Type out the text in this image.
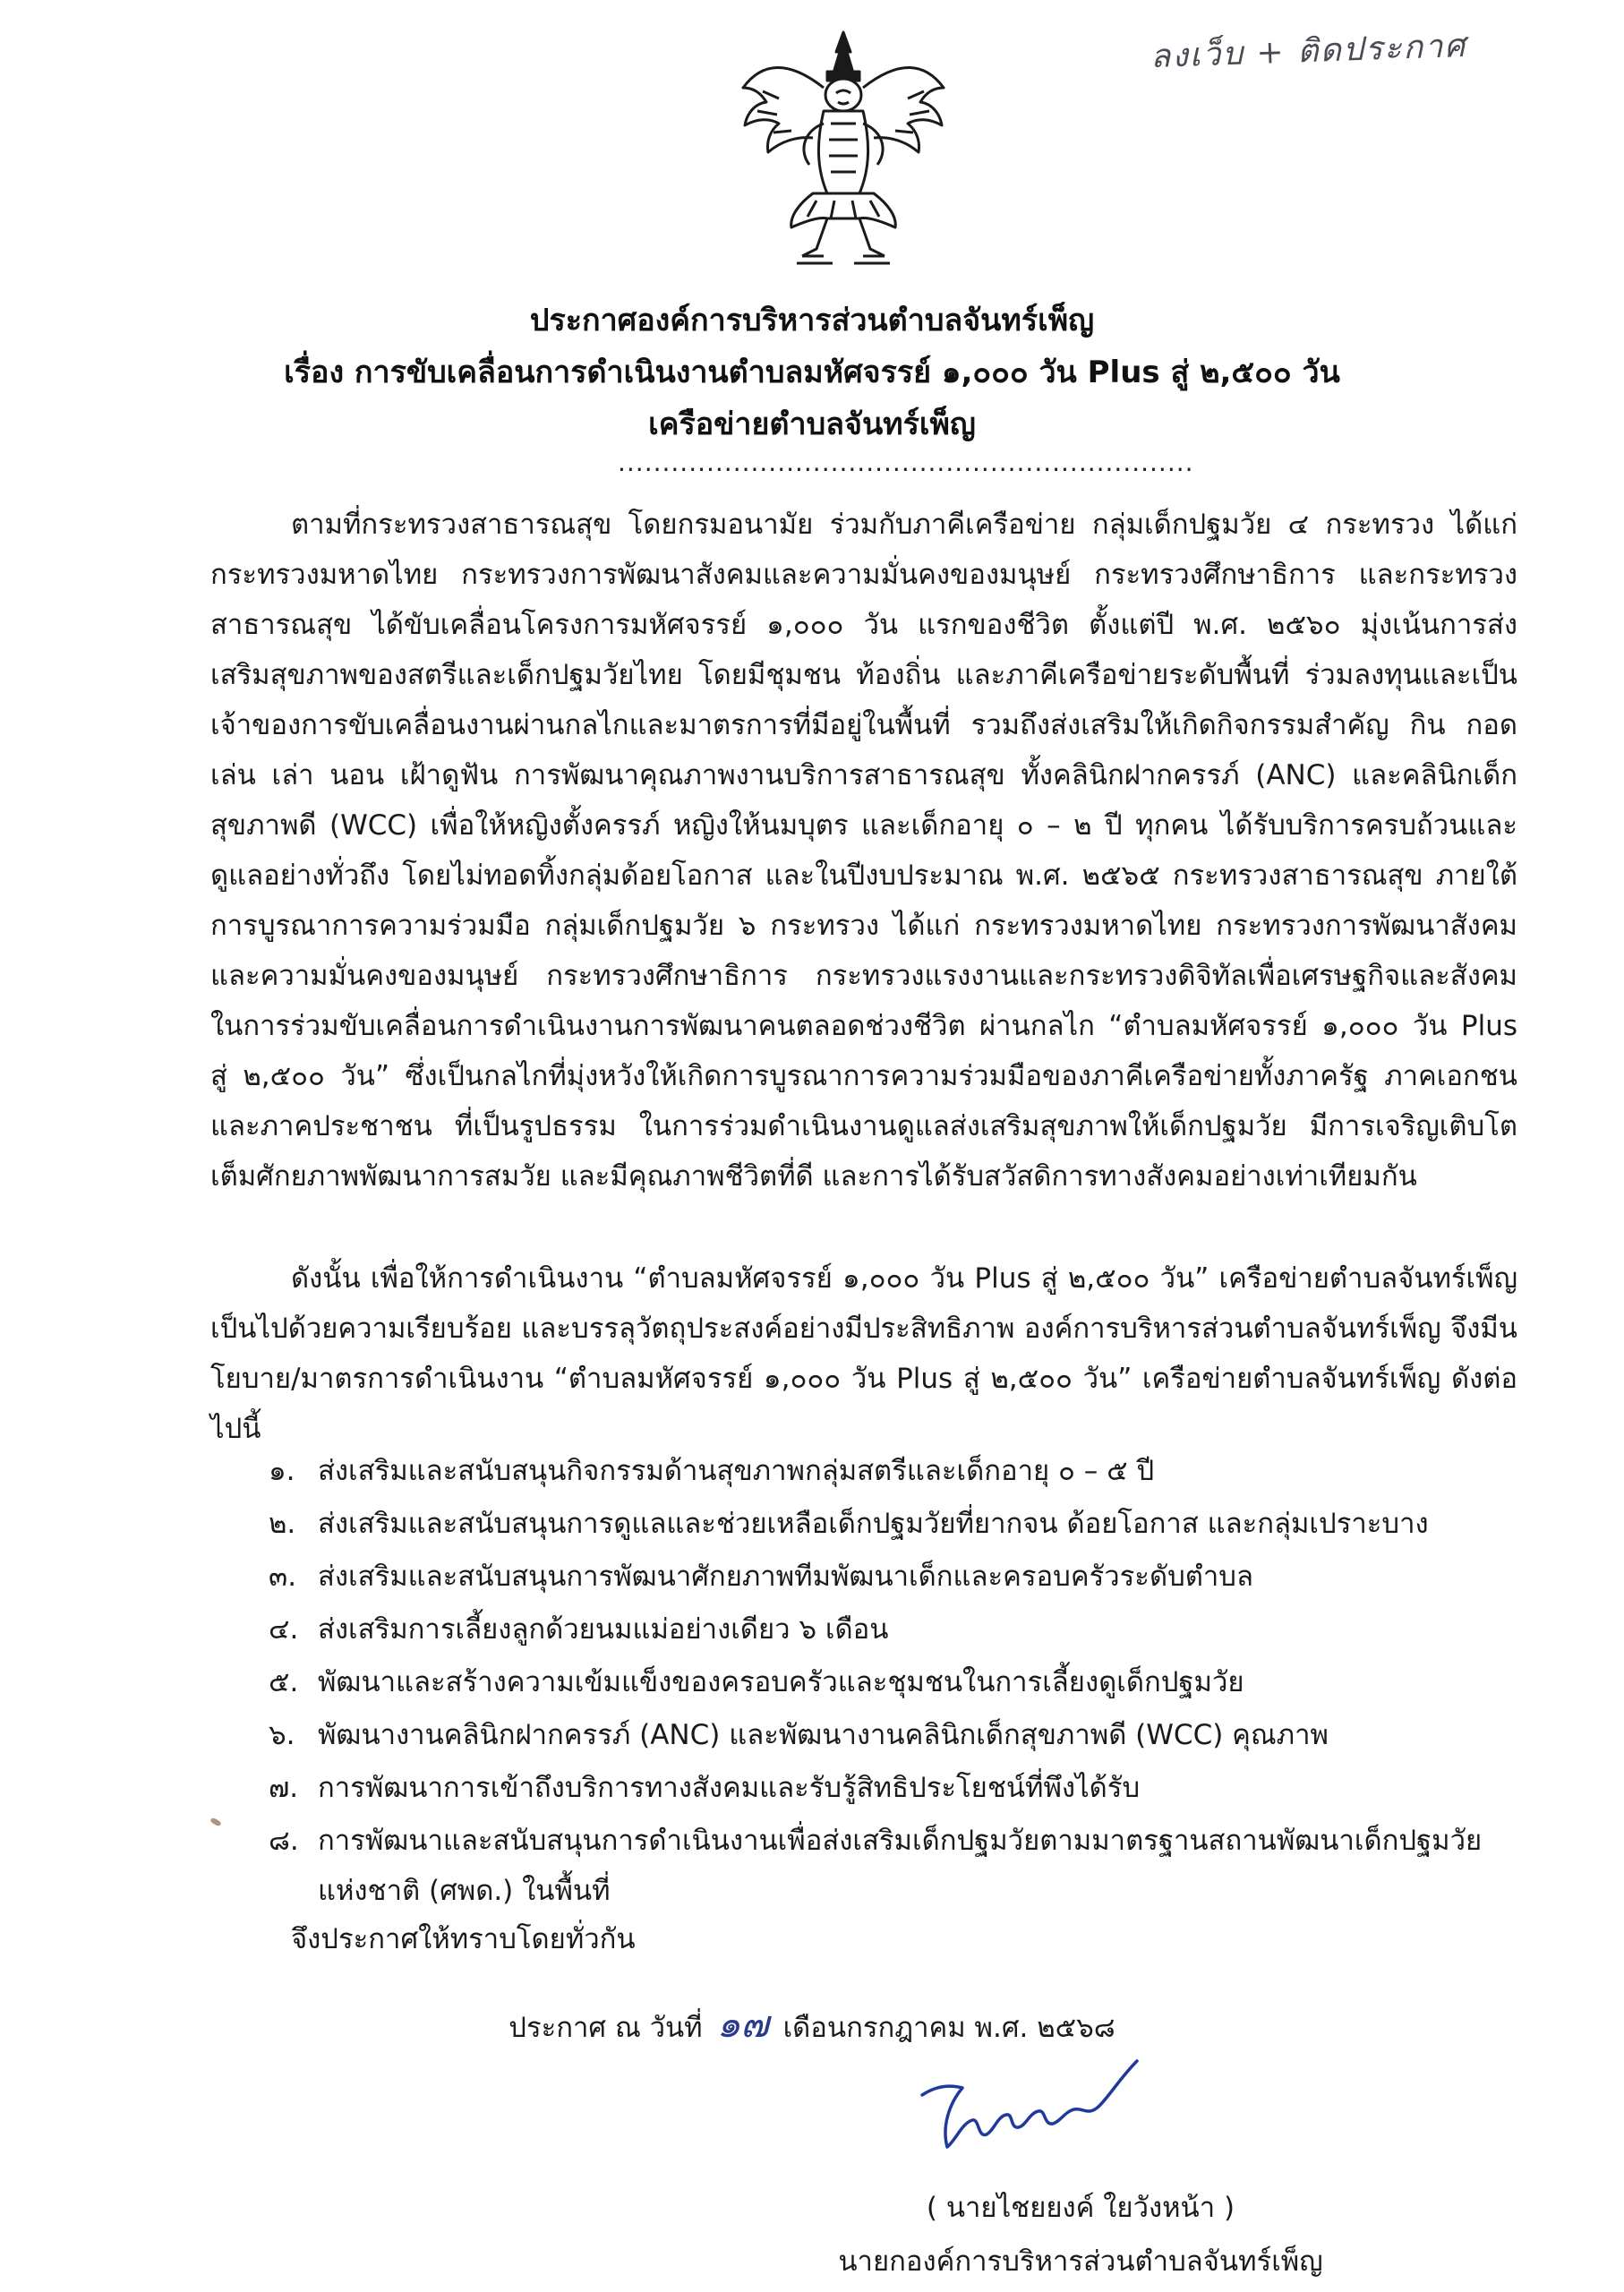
ลงเว็บ + ติดประกาศ
ประกาศองค์การบริหารส่วนตำบลจันทร์เพ็ญ
เรื่อง การขับเคลื่อนการดำเนินงานตำบลมหัศจรรย์ ๑,๐๐๐ วัน Plus สู่ ๒,๕๐๐ วัน
เครือข่ายตำบลจันทร์เพ็ญ
.................................................................
ตามที่กระทรวงสาธารณสุข โดยกรมอนามัย ร่วมกับภาคีเครือข่าย กลุ่มเด็กปฐมวัย ๔ กระทรวง ได้แก่ กระทรวงมหาดไทย กระทรวงการพัฒนาสังคมและความมั่นคงของมนุษย์ กระทรวงศึกษาธิการ และกระทรวงสาธารณสุข ได้ขับเคลื่อนโครงการมหัศจรรย์ ๑,๐๐๐ วัน แรกของชีวิต ตั้งแต่ปี พ.ศ. ๒๕๖๐ มุ่งเน้นการส่งเสริมสุขภาพของสตรีและเด็กปฐมวัยไทย โดยมีชุมชน ท้องถิ่น และภาคีเครือข่ายระดับพื้นที่ ร่วมลงทุนและเป็นเจ้าของการขับเคลื่อนงานผ่านกลไกและมาตรการที่มีอยู่ในพื้นที่ รวมถึงส่งเสริมให้เกิดกิจกรรมสำคัญ กิน กอด เล่น เล่า นอน เฝ้าดูฟัน การพัฒนาคุณภาพงานบริการสาธารณสุข ทั้งคลินิกฝากครรภ์ (ANC) และคลินิกเด็กสุขภาพดี (WCC) เพื่อให้หญิงตั้งครรภ์ หญิงให้นมบุตร และเด็กอายุ ๐ – ๒ ปี ทุกคน ได้รับบริการครบถ้วนและดูแลอย่างทั่วถึง โดยไม่ทอดทิ้งกลุ่มด้อยโอกาส และในปีงบประมาณ พ.ศ. ๒๕๖๕ กระทรวงสาธารณสุข ภายใต้การบูรณาการความร่วมมือ กลุ่มเด็กปฐมวัย ๖ กระทรวง ได้แก่ กระทรวงมหาดไทย กระทรวงการพัฒนาสังคมและความมั่นคงของมนุษย์ กระทรวงศึกษาธิการ กระทรวงแรงงานและกระทรวงดิจิทัลเพื่อเศรษฐกิจและสังคม ในการร่วมขับเคลื่อนการดำเนินงานการพัฒนาคนตลอดช่วงชีวิต ผ่านกลไก “ตำบลมหัศจรรย์ ๑,๐๐๐ วัน Plus สู่ ๒,๕๐๐ วัน” ซึ่งเป็นกลไกที่มุ่งหวังให้เกิดการบูรณาการความร่วมมือของภาคีเครือข่ายทั้งภาครัฐ ภาคเอกชน และภาคประชาชน ที่เป็นรูปธรรม ในการร่วมดำเนินงานดูแลส่งเสริมสุขภาพให้เด็กปฐมวัย มีการเจริญเติบโตเต็มศักยภาพพัฒนาการสมวัย และมีคุณภาพชีวิตที่ดี และการได้รับสวัสดิการทางสังคมอย่างเท่าเทียมกัน
ดังนั้น เพื่อให้การดำเนินงาน “ตำบลมหัศจรรย์ ๑,๐๐๐ วัน Plus สู่ ๒,๕๐๐ วัน” เครือข่ายตำบลจันทร์เพ็ญ เป็นไปด้วยความเรียบร้อย และบรรลุวัตถุประสงค์อย่างมีประสิทธิภาพ องค์การบริหารส่วนตำบลจันทร์เพ็ญ จึงมีนโยบาย/มาตรการดำเนินงาน “ตำบลมหัศจรรย์ ๑,๐๐๐ วัน Plus สู่ ๒,๕๐๐ วัน” เครือข่ายตำบลจันทร์เพ็ญ ดังต่อไปนี้
๑. ส่งเสริมและสนับสนุนกิจกรรมด้านสุขภาพกลุ่มสตรีและเด็กอายุ ๐ – ๕ ปี
๒. ส่งเสริมและสนับสนุนการดูแลและช่วยเหลือเด็กปฐมวัยที่ยากจน ด้อยโอกาส และกลุ่มเปราะบาง
๓. ส่งเสริมและสนับสนุนการพัฒนาศักยภาพทีมพัฒนาเด็กและครอบครัวระดับตำบล
๔. ส่งเสริมการเลี้ยงลูกด้วยนมแม่อย่างเดียว ๖ เดือน
๕. พัฒนาและสร้างความเข้มแข็งของครอบครัวและชุมชนในการเลี้ยงดูเด็กปฐมวัย
๖. พัฒนางานคลินิกฝากครรภ์ (ANC) และพัฒนางานคลินิกเด็กสุขภาพดี (WCC) คุณภาพ
๗. การพัฒนาการเข้าถึงบริการทางสังคมและรับรู้สิทธิประโยชน์ที่พึงได้รับ
๘. การพัฒนาและสนับสนุนการดำเนินงานเพื่อส่งเสริมเด็กปฐมวัยตามมาตรฐานสถานพัฒนาเด็กปฐมวัยแห่งชาติ (ศพด.) ในพื้นที่
จึงประกาศให้ทราบโดยทั่วกัน
ประกาศ ณ วันที่ ๑๗ เดือนกรกฎาคม พ.ศ. ๒๕๖๘
( นายไชยยงค์ ใยวังหน้า )
นายกองค์การบริหารส่วนตำบลจันทร์เพ็ญ
